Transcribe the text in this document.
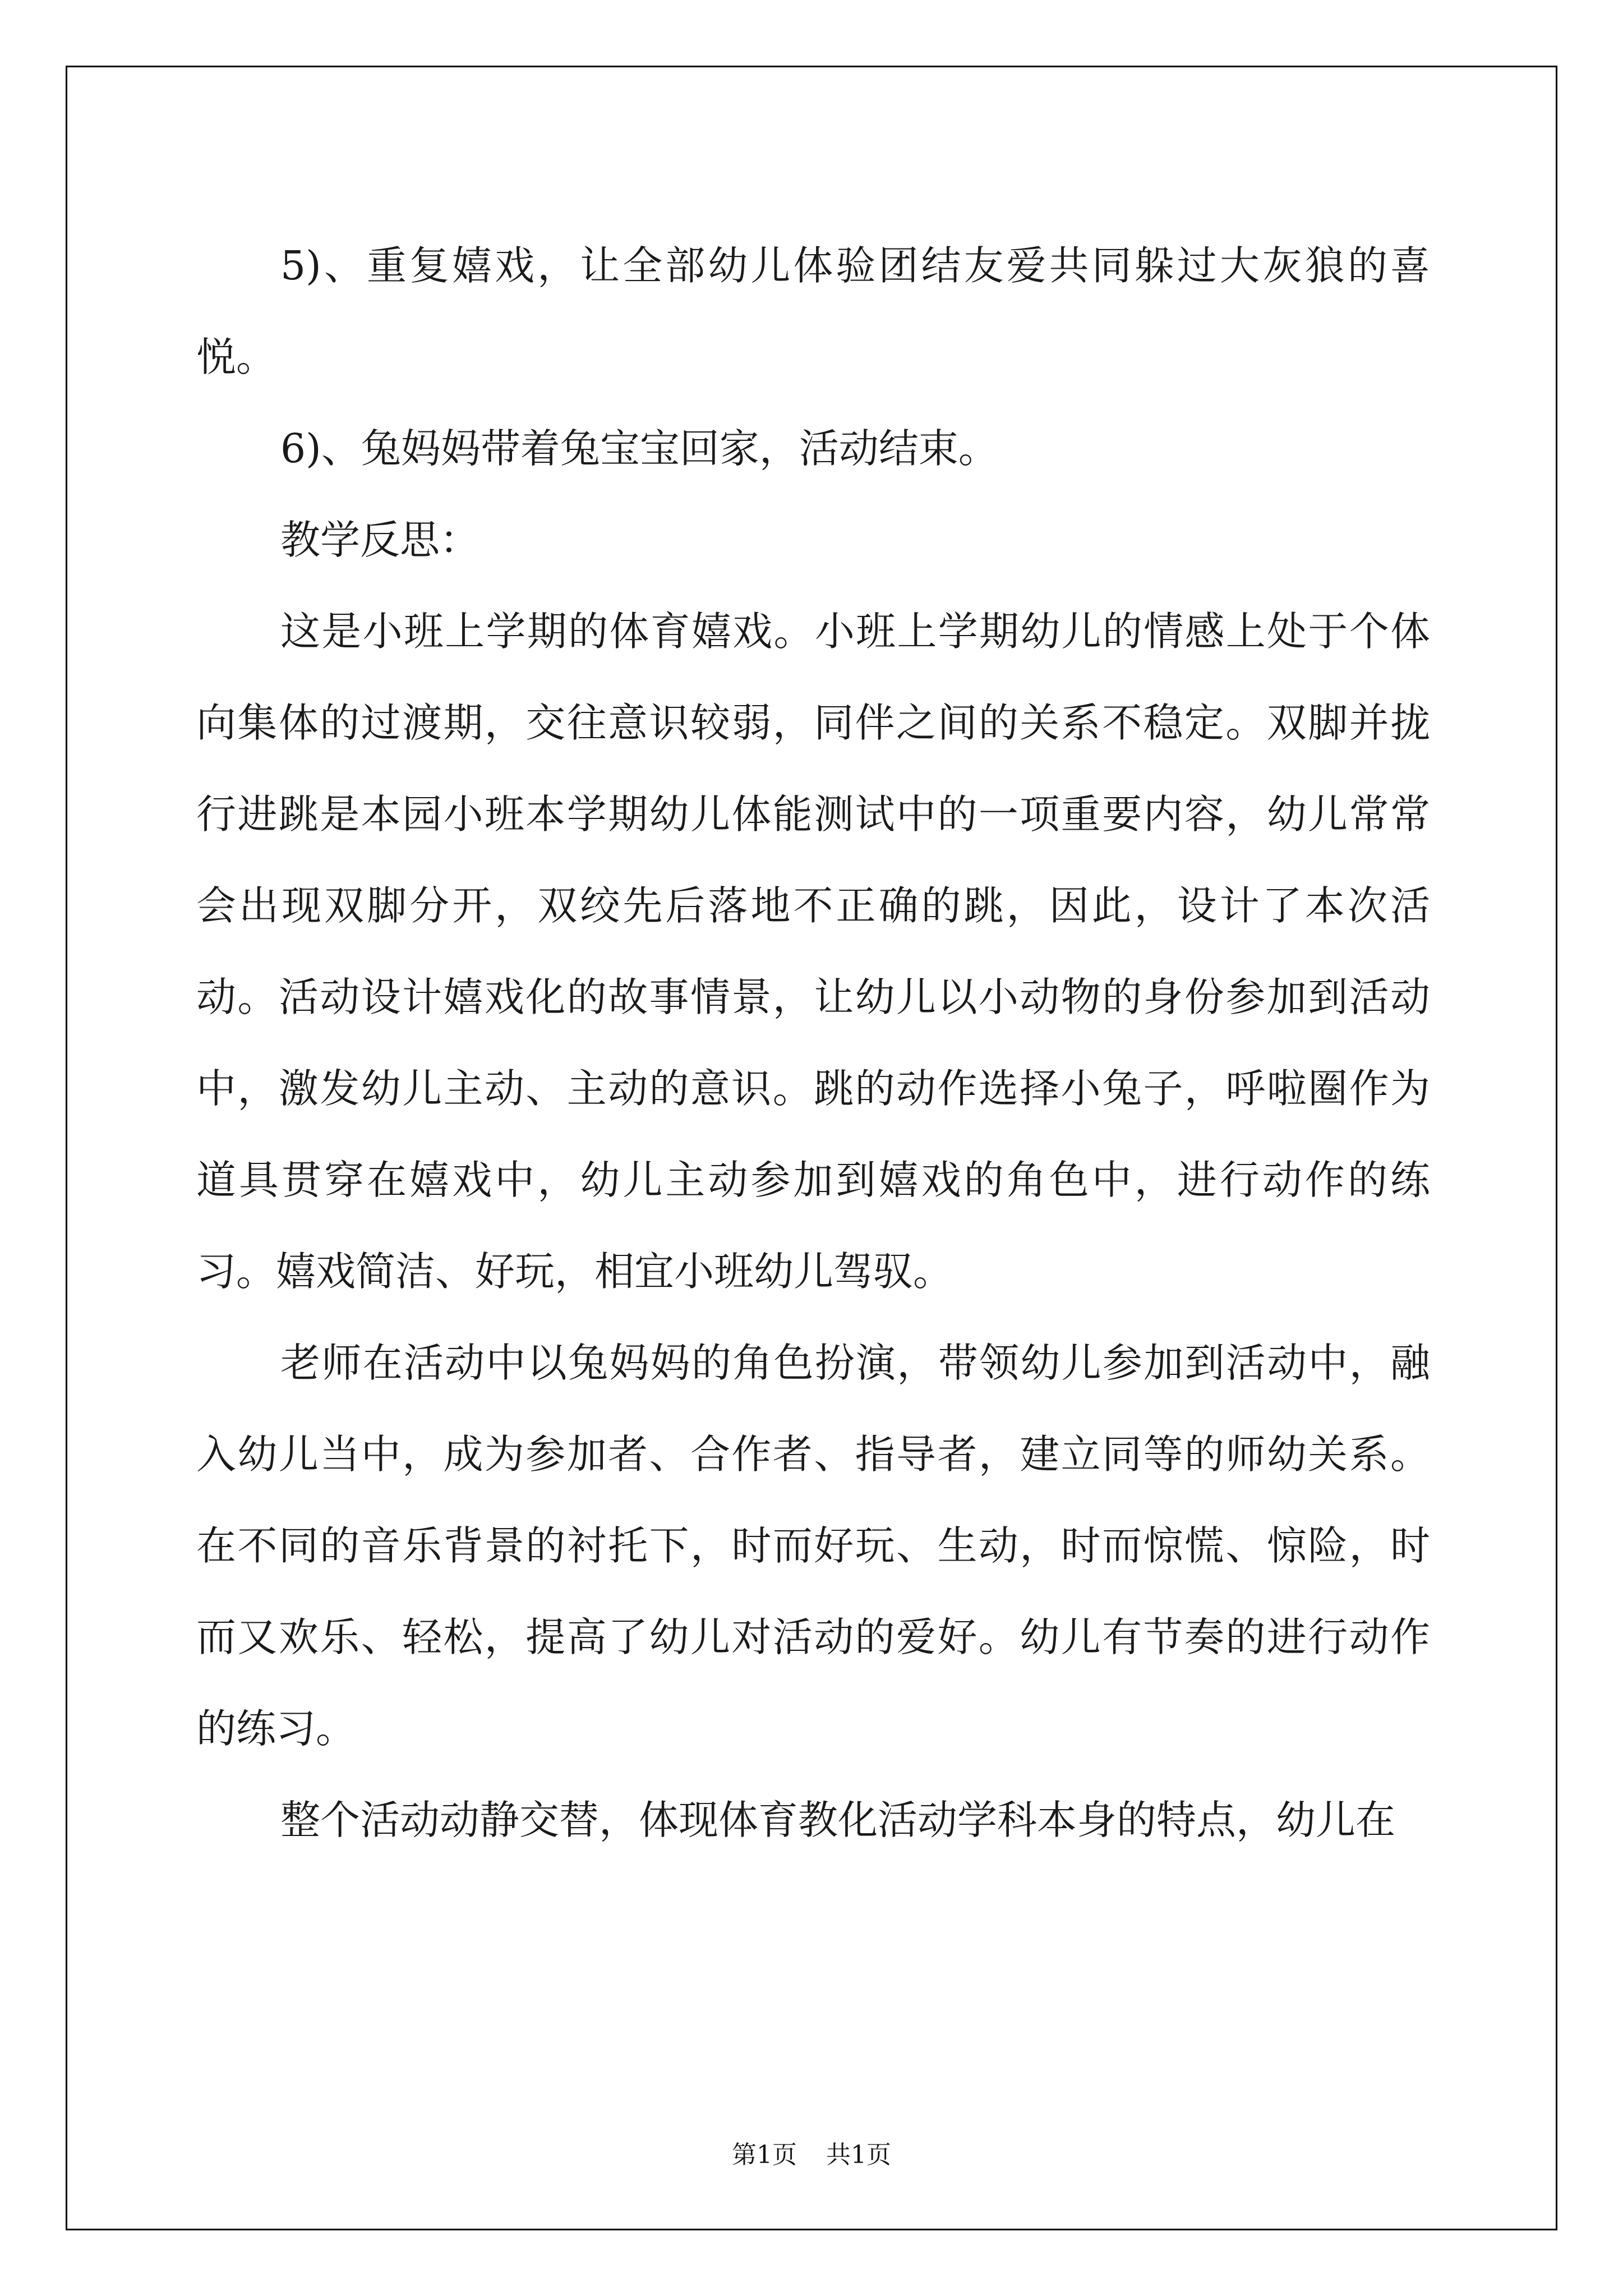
5)、重复嬉戏，让全部幼儿体验团结友爱共同躲过大灰狼的喜悦。

6)、兔妈妈带着兔宝宝回家，活动结束。

教学反思：

这是小班上学期的体育嬉戏。小班上学期幼儿的情感上处于个体向集体的过渡期，交往意识较弱，同伴之间的关系不稳定。双脚并拢行进跳是本园小班本学期幼儿体能测试中的一项重要内容，幼儿常常会出现双脚分开，双绞先后落地不正确的跳，因此，设计了本次活动。活动设计嬉戏化的故事情景，让幼儿以小动物的身份参加到活动中，激发幼儿主动、主动的意识。跳的动作选择小兔子，呼啦圈作为道具贯穿在嬉戏中，幼儿主动参加到嬉戏的角色中，进行动作的练习。嬉戏简洁、好玩，相宜小班幼儿驾驭。

老师在活动中以兔妈妈的角色扮演，带领幼儿参加到活动中，融入幼儿当中，成为参加者、合作者、指导者，建立同等的师幼关系。在不同的音乐背景的衬托下，时而好玩、生动，时而惊慌、惊险，时而又欢乐、轻松，提高了幼儿对活动的爱好。幼儿有节奏的进行动作的练习。

整个活动动静交替，体现体育教化活动学科本身的特点，幼儿在

第1页 共1页
